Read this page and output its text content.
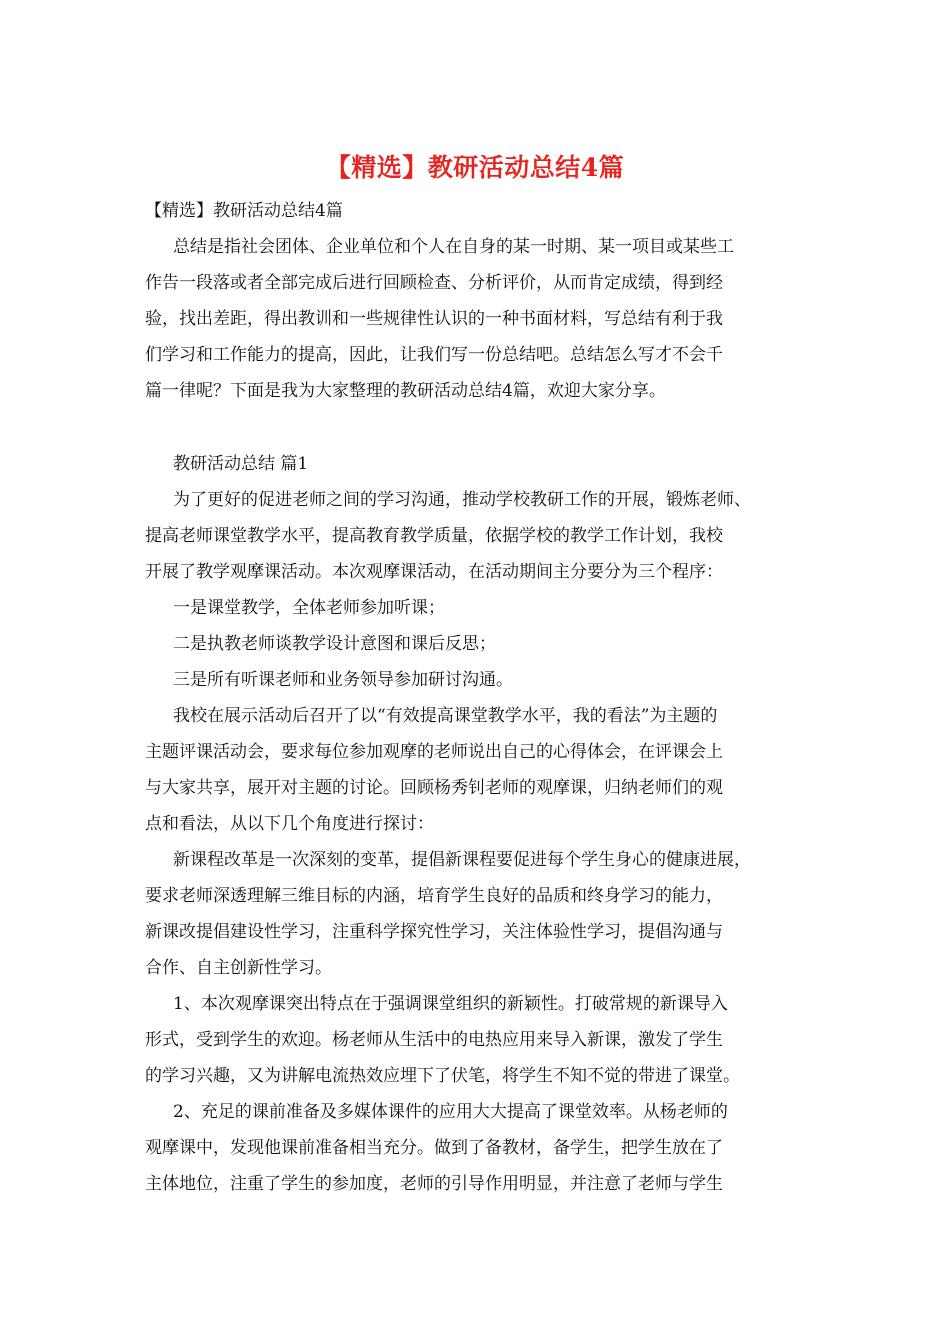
【精选】教研活动总结4篇
【精选】教研活动总结4篇
总结是指社会团体、企业单位和个人在自身的某一时期、某一项目或某些工
作告一段落或者全部完成后进行回顾检查、分析评价，从而肯定成绩，得到经
验，找出差距，得出教训和一些规律性认识的一种书面材料，写总结有利于我
们学习和工作能力的提高，因此，让我们写一份总结吧。总结怎么写才不会千
篇一律呢？下面是我为大家整理的教研活动总结4篇，欢迎大家分享。
教研活动总结 篇1
为了更好的促进老师之间的学习沟通，推动学校教研工作的开展，锻炼老师、
提高老师课堂教学水平，提高教育教学质量，依据学校的教学工作计划，我校
开展了教学观摩课活动。本次观摩课活动，在活动期间主分要分为三个程序：
一是课堂教学，全体老师参加听课；
二是执教老师谈教学设计意图和课后反思；
三是所有听课老师和业务领导参加研讨沟通。
我校在展示活动后召开了以“有效提高课堂教学水平，我的看法”为主题的
主题评课活动会，要求每位参加观摩的老师说出自己的心得体会，在评课会上
与大家共享，展开对主题的讨论。回顾杨秀钊老师的观摩课，归纳老师们的观
点和看法，从以下几个角度进行探讨：
新课程改革是一次深刻的变革，提倡新课程要促进每个学生身心的健康进展，
要求老师深透理解三维目标的内涵，培育学生良好的品质和终身学习的能力，
新课改提倡建设性学习，注重科学探究性学习，关注体验性学习，提倡沟通与
合作、自主创新性学习。
1、本次观摩课突出特点在于强调课堂组织的新颖性。打破常规的新课导入
形式，受到学生的欢迎。杨老师从生活中的电热应用来导入新课，激发了学生
的学习兴趣，又为讲解电流热效应埋下了伏笔，将学生不知不觉的带进了课堂。
2、充足的课前准备及多媒体课件的应用大大提高了课堂效率。从杨老师的
观摩课中，发现他课前准备相当充分。做到了备教材，备学生，把学生放在了
主体地位，注重了学生的参加度，老师的引导作用明显，并注意了老师与学生
